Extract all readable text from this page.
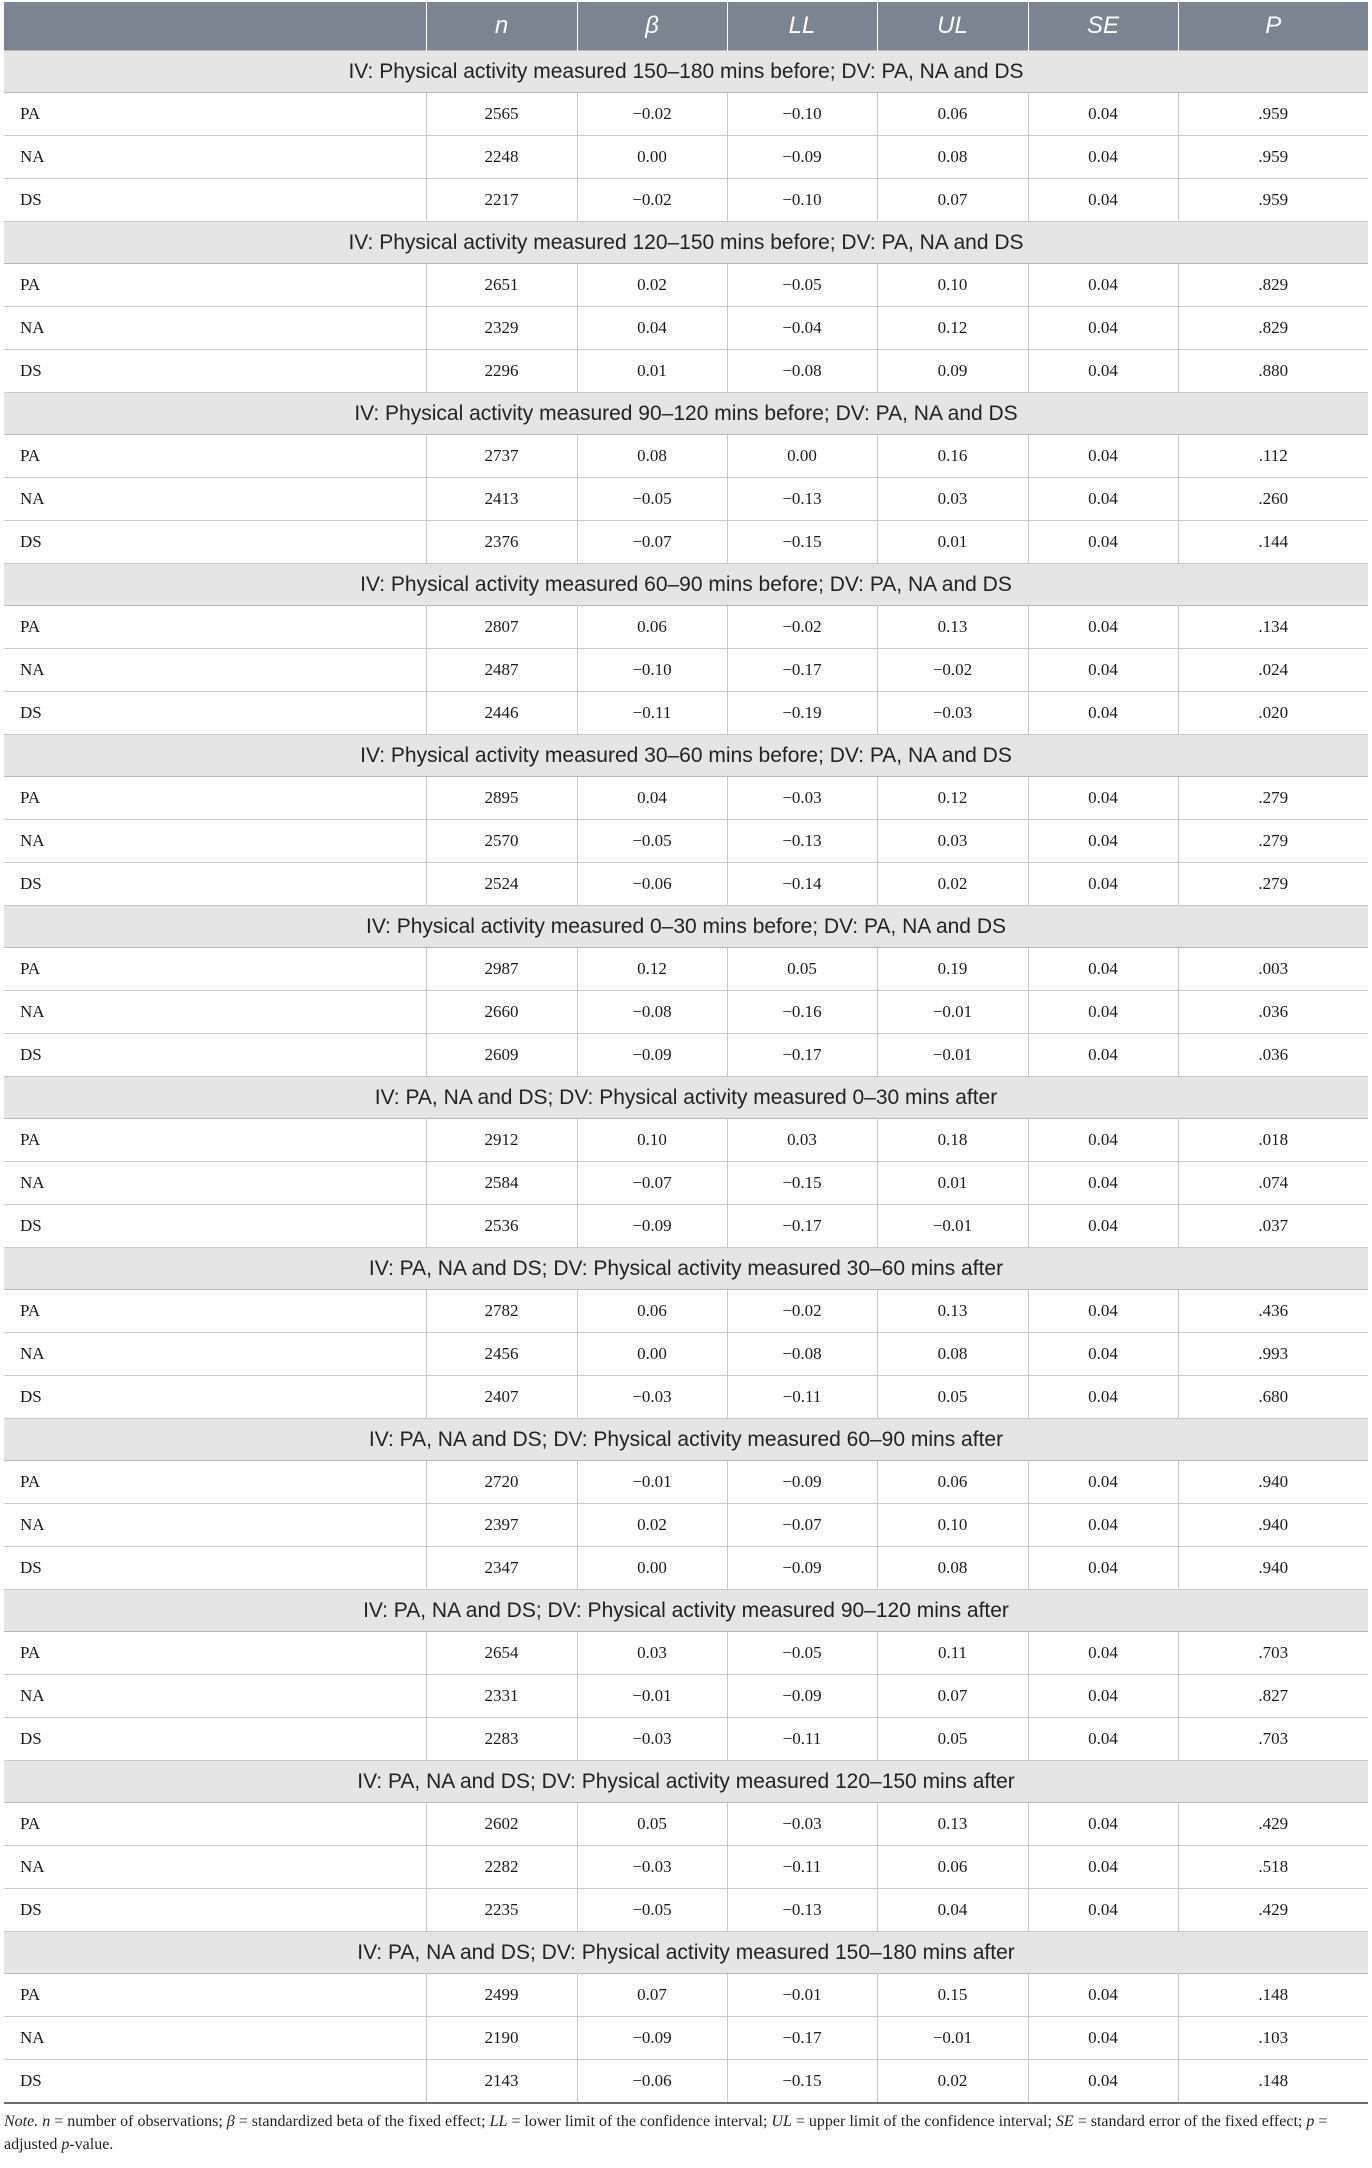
	n	β	LL	UL	SE	P
IV: Physical activity measured 150–180 mins before; DV: PA, NA and DS						
PA	2565	−0.02	−0.10	0.06	0.04	.959
NA	2248	0.00	−0.09	0.08	0.04	.959
DS	2217	−0.02	−0.10	0.07	0.04	.959
IV: Physical activity measured 120–150 mins before; DV: PA, NA and DS						
PA	2651	0.02	−0.05	0.10	0.04	.829
NA	2329	0.04	−0.04	0.12	0.04	.829
DS	2296	0.01	−0.08	0.09	0.04	.880
IV: Physical activity measured 90–120 mins before; DV: PA, NA and DS						
PA	2737	0.08	0.00	0.16	0.04	.112
NA	2413	−0.05	−0.13	0.03	0.04	.260
DS	2376	−0.07	−0.15	0.01	0.04	.144
IV: Physical activity measured 60–90 mins before; DV: PA, NA and DS						
PA	2807	0.06	−0.02	0.13	0.04	.134
NA	2487	−0.10	−0.17	−0.02	0.04	.024
DS	2446	−0.11	−0.19	−0.03	0.04	.020
IV: Physical activity measured 30–60 mins before; DV: PA, NA and DS						
PA	2895	0.04	−0.03	0.12	0.04	.279
NA	2570	−0.05	−0.13	0.03	0.04	.279
DS	2524	−0.06	−0.14	0.02	0.04	.279
IV: Physical activity measured 0–30 mins before; DV: PA, NA and DS						
PA	2987	0.12	0.05	0.19	0.04	.003
NA	2660	−0.08	−0.16	−0.01	0.04	.036
DS	2609	−0.09	−0.17	−0.01	0.04	.036
IV: PA, NA and DS; DV: Physical activity measured 0–30 mins after						
PA	2912	0.10	0.03	0.18	0.04	.018
NA	2584	−0.07	−0.15	0.01	0.04	.074
DS	2536	−0.09	−0.17	−0.01	0.04	.037
IV: PA, NA and DS; DV: Physical activity measured 30–60 mins after						
PA	2782	0.06	−0.02	0.13	0.04	.436
NA	2456	0.00	−0.08	0.08	0.04	.993
DS	2407	−0.03	−0.11	0.05	0.04	.680
IV: PA, NA and DS; DV: Physical activity measured 60–90 mins after						
PA	2720	−0.01	−0.09	0.06	0.04	.940
NA	2397	0.02	−0.07	0.10	0.04	.940
DS	2347	0.00	−0.09	0.08	0.04	.940
IV: PA, NA and DS; DV: Physical activity measured 90–120 mins after						
PA	2654	0.03	−0.05	0.11	0.04	.703
NA	2331	−0.01	−0.09	0.07	0.04	.827
DS	2283	−0.03	−0.11	0.05	0.04	.703
IV: PA, NA and DS; DV: Physical activity measured 120–150 mins after						
PA	2602	0.05	−0.03	0.13	0.04	.429
NA	2282	−0.03	−0.11	0.06	0.04	.518
DS	2235	−0.05	−0.13	0.04	0.04	.429
IV: PA, NA and DS; DV: Physical activity measured 150–180 mins after						
PA	2499	0.07	−0.01	0.15	0.04	.148
NA	2190	−0.09	−0.17	−0.01	0.04	.103
DS	2143	−0.06	−0.15	0.02	0.04	.148
Note. n = number of observations; β = standardized beta of the fixed effect; LL = lower limit of the confidence interval; UL = upper limit of the confidence interval; SE = standard error of the fixed effect; p = adjusted p-value.						
